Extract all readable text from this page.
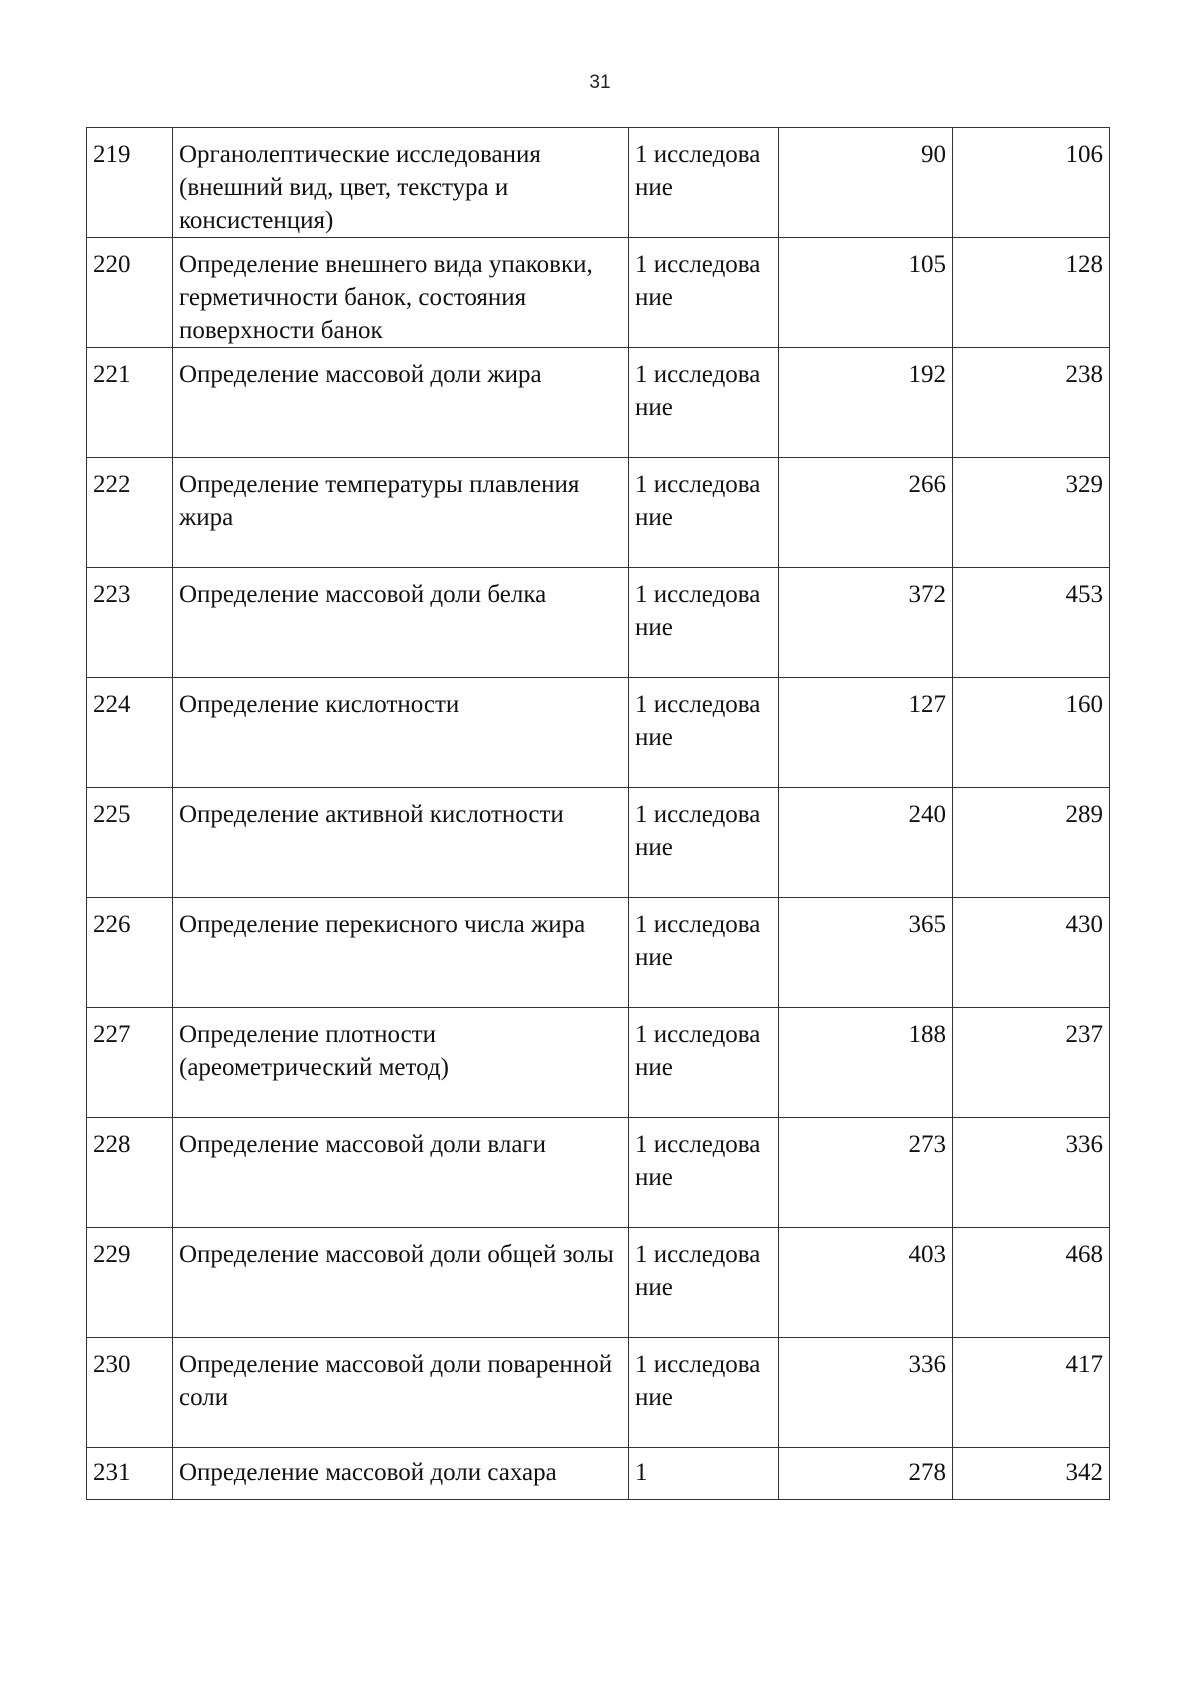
31
219	Органолептические исследования (внешний вид, цвет, текстура и консистенция)	1 исследование	90	106
220	Определение внешнего вида упаковки, герметичности банок, состояния поверхности банок	1 исследование	105	128
221	Определение массовой доли жира	1 исследование	192	238
222	Определение температуры плавления жира	1 исследование	266	329
223	Определение массовой доли белка	1 исследование	372	453
224	Определение кислотности	1 исследование	127	160
225	Определение активной кислотности	1 исследование	240	289
226	Определение перекисного числа жира	1 исследование	365	430
227	Определение плотности (ареометрический метод)	1 исследование	188	237
228	Определение массовой доли влаги	1 исследование	273	336
229	Определение массовой доли общей золы	1 исследование	403	468
230	Определение массовой доли поваренной соли	1 исследование	336	417
231	Определение массовой доли сахара	1	278	342
